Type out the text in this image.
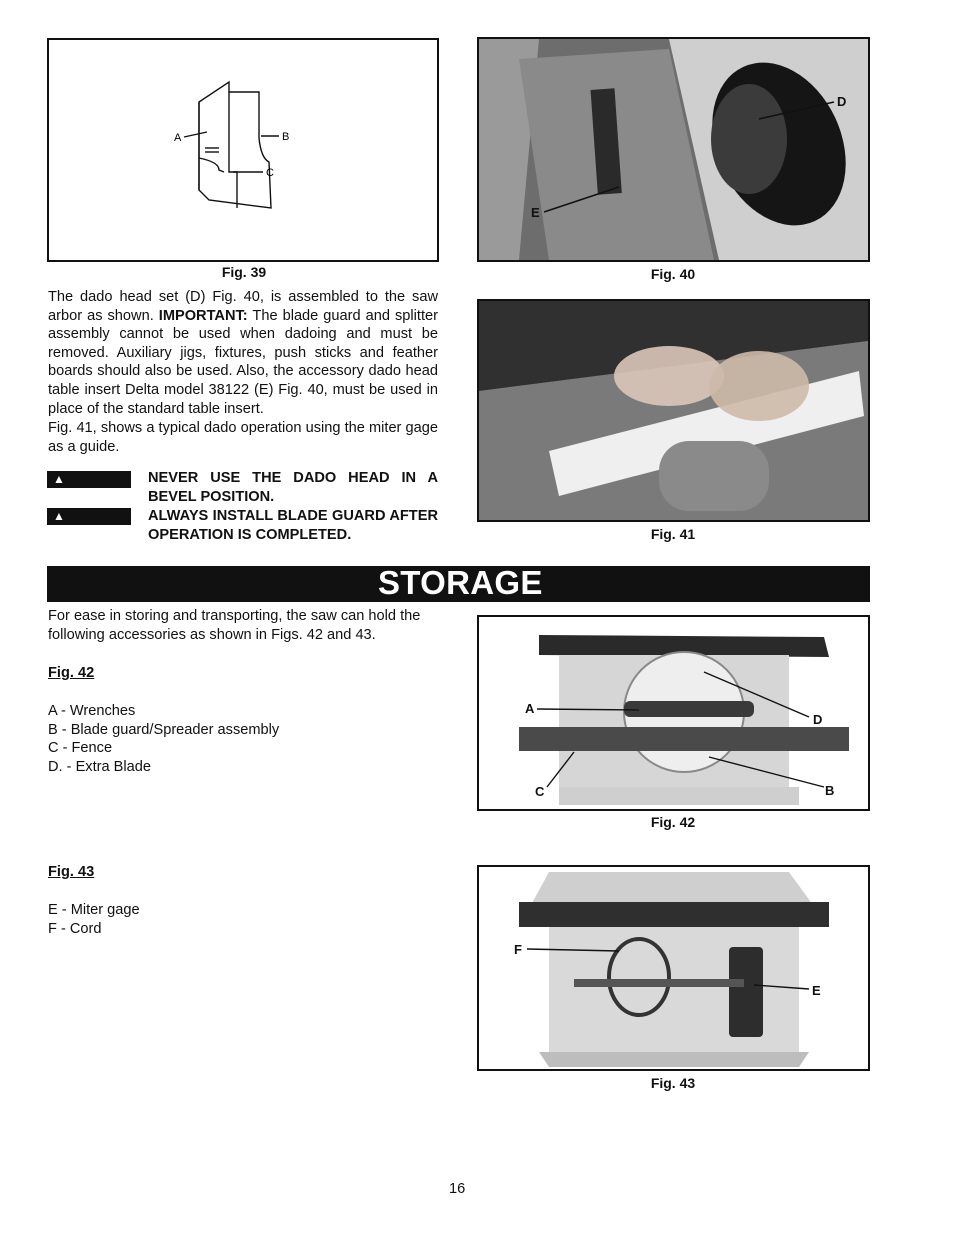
A	B
C
Fig. 39
D
E
Fig. 40
The dado head set (D) Fig. 40, is assembled to the saw arbor as shown. IMPORTANT: The blade guard and splitter assembly cannot be used when dadoing and must be removed. Auxiliary jigs, fixtures, push sticks and feather boards should also be used. Also, the accessory dado head table insert Delta model 38122 (E) Fig. 40, must be used in place of the standard table insert.
Fig. 41, shows a typical dado operation using the miter gage as a guide.
▲ WARNING
NEVER USE THE DADO HEAD IN A BEVEL POSITION.
▲ WARNING
ALWAYS INSTALL BLADE GUARD AFTER OPERATION IS COMPLETED.	Fig. 41
STORAGE
For ease in storing and transporting, the saw can hold the following accessories as shown in Figs. 42 and 43.
Fig. 42
A - Wrenches
B - Blade guard/Spreader assembly
C - Fence
D. - Extra Blade
Fig. 43
E - Miter gage
F - Cord
A
D
C	B
Fig. 42
F
E
Fig. 43
16
